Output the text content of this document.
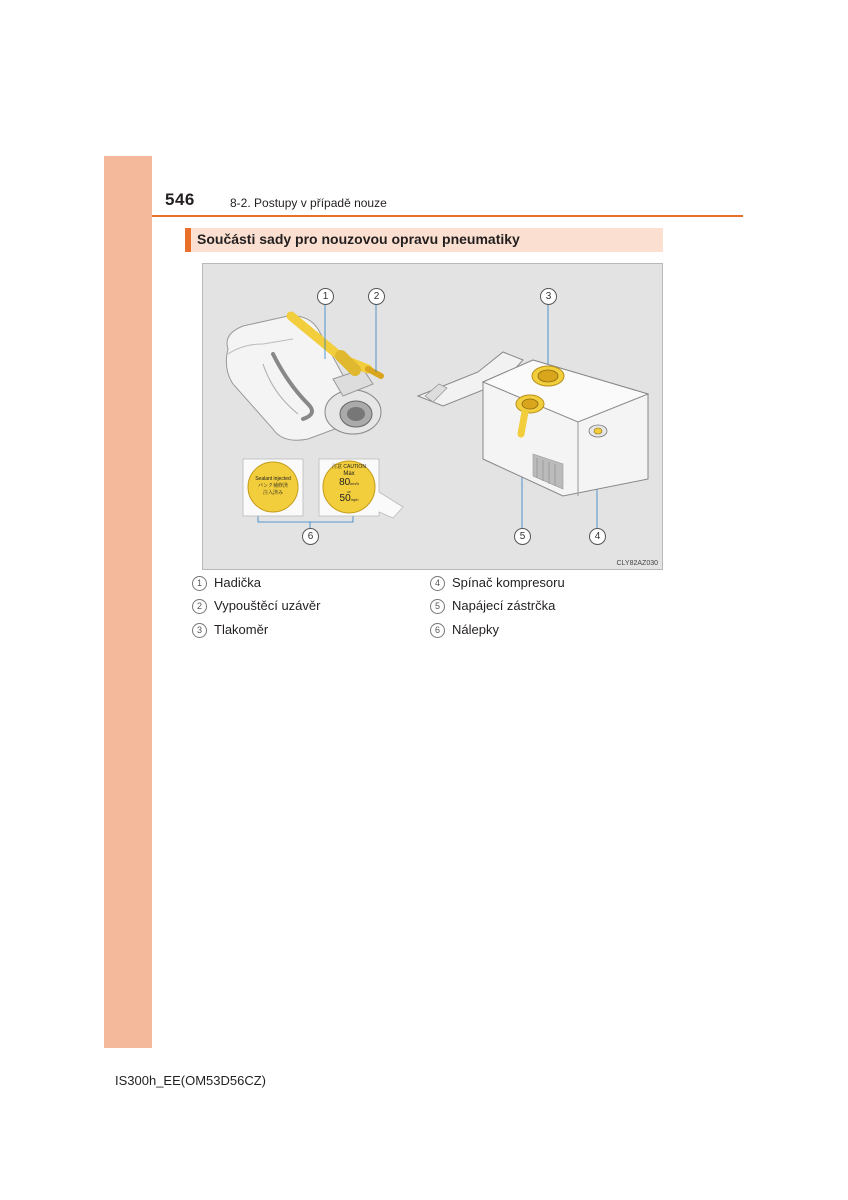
546	8-2. Postupy v případě nouze
Součásti sady pro nouzovou opravu pneumatiky
Sealant injected
パンク補修済
注入済み
注意 CAUTION
Max
80km/h
or
50mph
1	2	3
4
5
6
CLY82AZ030
1 Hadička
2 Vypouštěcí uzávěr
3 Tlakoměr
4 Spínač kompresoru
5 Napájecí zástrčka
6 Nálepky
IS300h_EE(OM53D56CZ)
